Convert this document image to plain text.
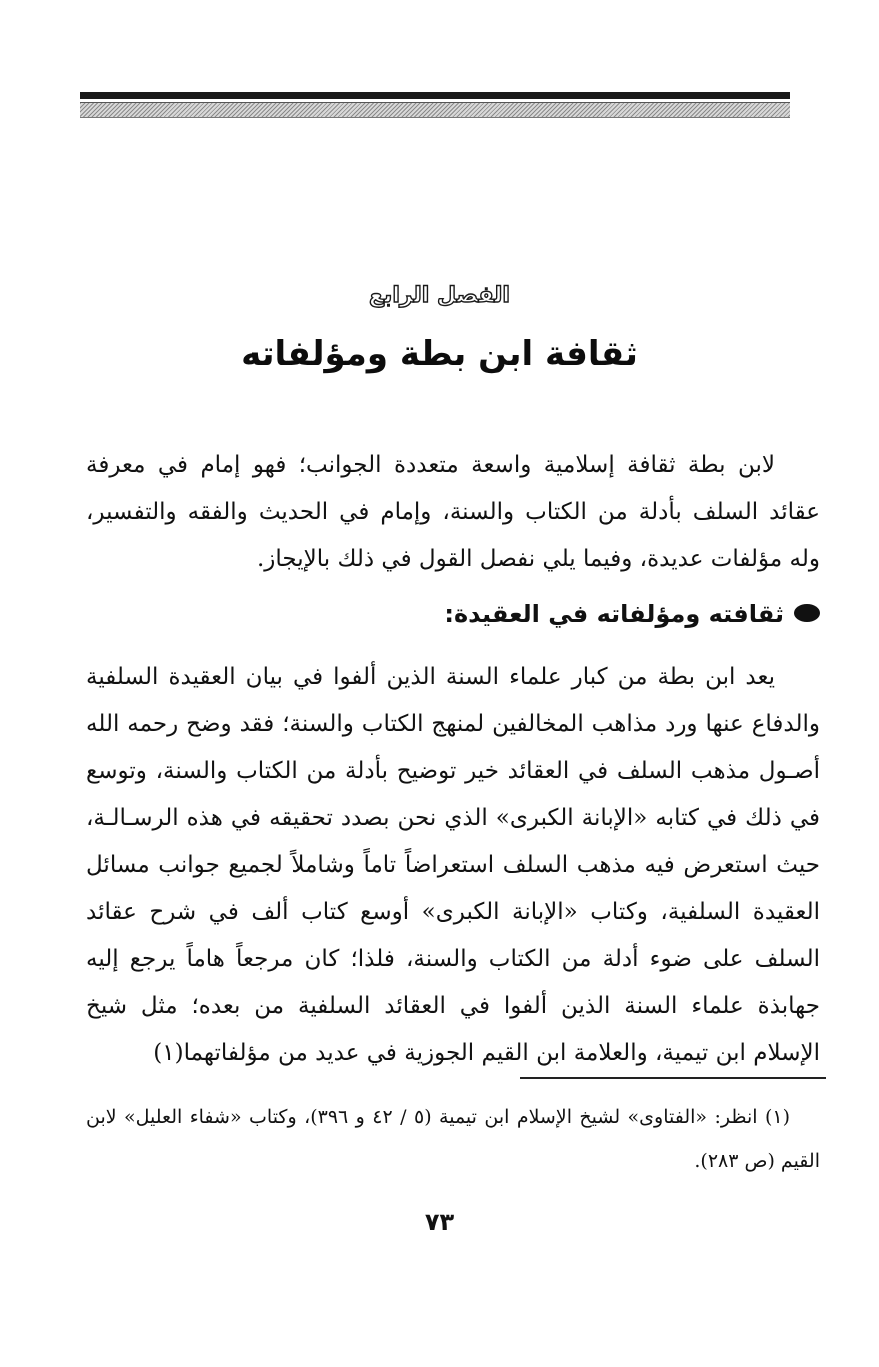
الفصل الرابع
ثقافة ابن بطة ومؤلفاته
لابن بطة ثقافة إسلامية واسعة متعددة الجوانب؛ فهو إمام في معرفة عقائد السلف بأدلة من الكتاب والسنة، وإمام في الحديث والفقه والتفسير، وله مؤلفات عديدة، وفيما يلي نفصل القول في ذلك بالإيجاز.
ثقافته ومؤلفاته في العقيدة:
يعد ابن بطة من كبار علماء السنة الذين ألفوا في بيان العقيدة السلفية والدفاع عنها ورد مذاهب المخالفين لمنهج الكتاب والسنة؛ فقد وضح رحمه الله أصـول مذهب السلف في العقائد خير توضيح بأدلة من الكتاب والسنة، وتوسع في ذلك في كتابه «الإبانة الكبرى» الذي نحن بصدد تحقيقه في هذه الرسـالـة، حيث استعرض فيه مذهب السلف استعراضاً تاماً وشاملاً لجميع جوانب مسائل العقيدة السلفية، وكتاب «الإبانة الكبرى» أوسع كتاب ألف في شرح عقائد السلف على ضوء أدلة من الكتاب والسنة، فلذا؛ كان مرجعاً هاماً يرجع إليه جهابذة علماء السنة الذين ألفوا في العقائد السلفية من بعده؛ مثل شيخ الإسلام ابن تيمية، والعلامة ابن القيم الجوزية في عديد من مؤلفاتهما(١)
(١) انظر: «الفتاوى» لشيخ الإسلام ابن تيمية (٥ / ٤٢ و ٣٩٦)، وكتاب «شفاء العليل» لابن القيم (ص ٢٨٣).
٧٣
